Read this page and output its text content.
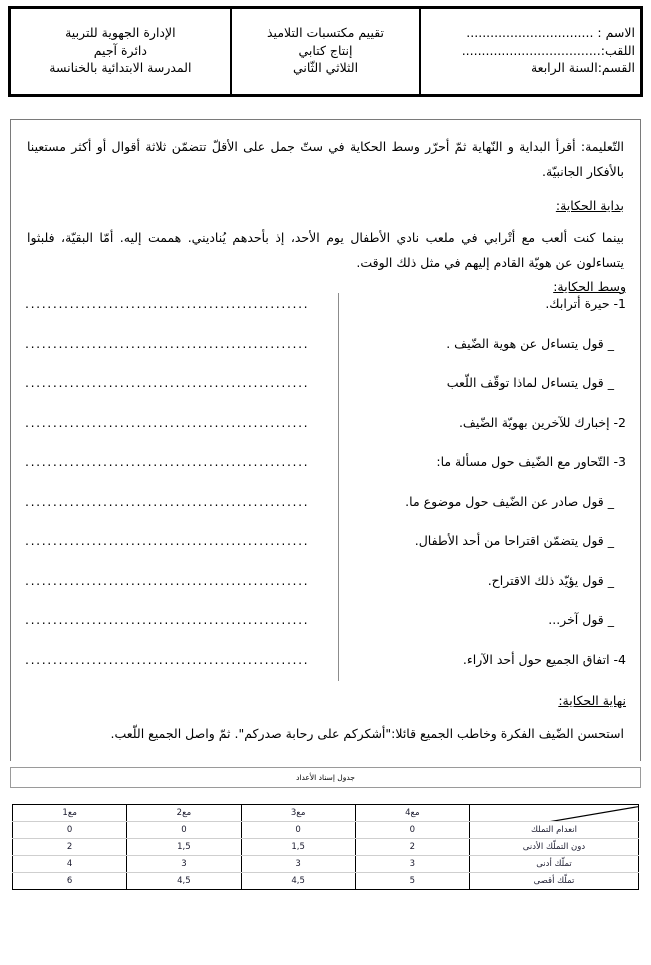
الاسم : ................................
اللقب:...................................
القسم:السنة الرابعة

تقييم مكتسبات التلاميذ
إنتاج كتابي
الثلاثي الثّاني

الإدارة الجهوية للتربية
دائرة آجيم
المدرسة الابتدائية بالخنانسة
التّعليمة: أقرأ البداية و النّهاية ثمّ أحرّر وسط الحكاية في ستّ جمل على الأقلّ تتضمّن ثلاثة أقوال أو أكثر مستعينا بالأفكار الجانبيّة.
بداية الحكاية:
بينما كنت ألعب مع أتْرابي في ملعب نادي الأطفال يوم الأحد، إذ بأحدهم يُناديني. هممت إليه. أمّا البقيّة، فلبثوا يتساءلون عن هويّة القادم إليهم في مثل ذلك الوقت.
وسط الحكاية:
1- حيرة أترابك.
...................................................
_ قول يتساءل عن هوية الضّيف .
...................................................
_ قول يتساءل لماذا توقّف اللّعب
...................................................
2- إخبارك للآخرين بهويّة الضّيف.
...................................................
3- التّحاور مع الضّيف حول مسألة ما:
...................................................
_ قول صادر عن الضّيف حول موضوع ما.
...................................................
_ قول يتضمّن اقتراحا من أحد الأطفال.
...................................................
_ قول يؤيّد ذلك الاقتراح.
...................................................
_ قول آخر...
...................................................
4- اتفاق الجميع حول أحد الآراء.
...................................................
نهاية الحكاية:
استحسن الضّيف الفكرة وخاطب الجميع قائلا:"أشكركم على رحابة صدركم". ثمّ واصل الجميع اللّعب.
جدول إسناد الأعداد
	مع4	مع3	مع2	مع1
انعدام التملك	0	0	0	0
دون التملّك الأدنى	2	1,5	1,5	2
تملّك أدنى	3	3	3	4
تملّك أقصى	5	4,5	4,5	6
